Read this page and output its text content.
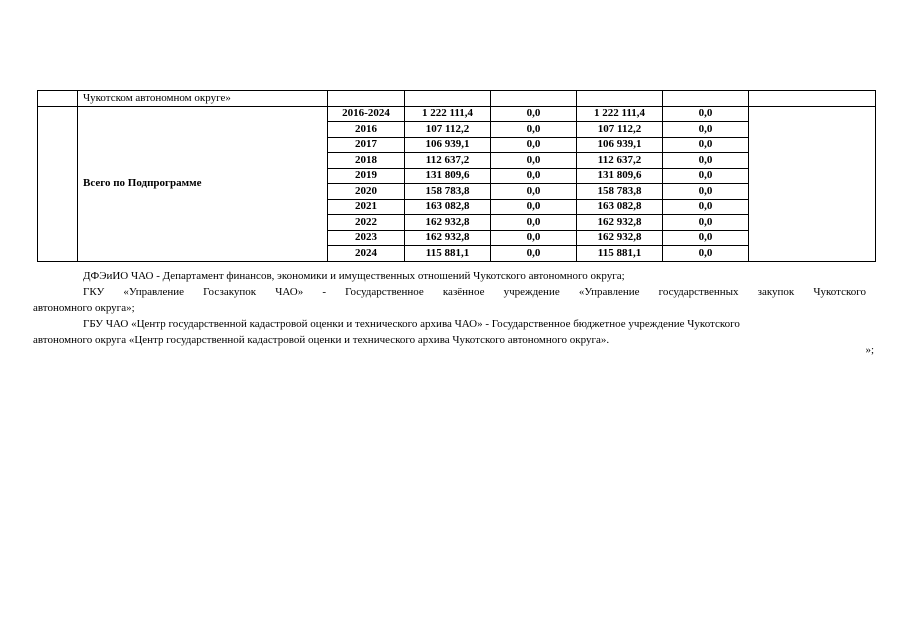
	Чукотском автономном округе»						
	Всего по Подпрограмме	2016-2024	1 222 111,4	0,0	1 222 111,4	0,0	
		2016	107 112,2	0,0	107 112,2	0,0	
		2017	106 939,1	0,0	106 939,1	0,0	
		2018	112 637,2	0,0	112 637,2	0,0	
		2019	131 809,6	0,0	131 809,6	0,0	
		2020	158 783,8	0,0	158 783,8	0,0	
		2021	163 082,8	0,0	163 082,8	0,0	
		2022	162 932,8	0,0	162 932,8	0,0	
		2023	162 932,8	0,0	162 932,8	0,0	
		2024	115 881,1	0,0	115 881,1	0,0	

ДФЭиИО ЧАО - Департамент финансов, экономики и имущественных отношений Чукотского автономного округа;

ГКУ «Управление Госзакупок ЧАО» - Государственное казённое учреждение «Управление государственных закупок Чукотского

автономного округа»;

ГБУ ЧАО «Центр государственной кадастровой оценки и технического архива ЧАО» - Государственное бюджетное учреждение Чукотского

автономного округа «Центр государственной кадастровой оценки и технического архива Чукотского автономного округа».

»;
